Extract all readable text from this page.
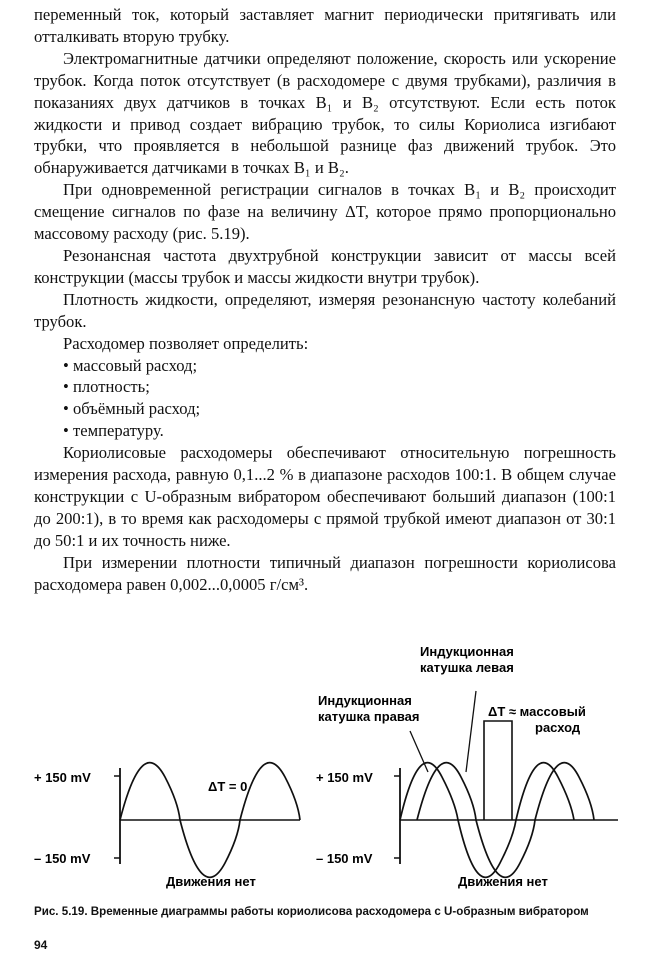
переменный ток, который заставляет магнит периодически притягивать или отталкивать вторую трубку.

Электромагнитные датчики определяют положение, скорость или ускорение трубок. Когда поток отсутствует (в расходомере с двумя трубками), различия в показаниях двух датчиков в точках B₁ и B₂ отсутствуют. Если есть поток жидкости и привод создает вибрацию трубок, то силы Кориолиса изгибают трубки, что проявляется в небольшой разнице фаз движений трубок. Это обнаруживается датчиками в точках B₁ и B₂.

При одновременной регистрации сигналов в точках B₁ и B₂ происходит смещение сигналов по фазе на величину ΔT, которое прямо пропорционально массовому расходу (рис. 5.19).

Резонансная частота двухтрубной конструкции зависит от массы всей конструкции (массы трубок и массы жидкости внутри трубок).

Плотность жидкости, определяют, измеряя резонансную частоту колебаний трубок.

Расходомер позволяет определить:

• массовый расход;
• плотность;
• объёмный расход;
• температуру.

Кориолисовые расходомеры обеспечивают относительную погрешность измерения расхода, равную 0,1...2 % в диапазоне расходов 100:1. В общем случае конструкции с U-образным вибратором обеспечивают больший диапазон (100:1 до 200:1), в то время как расходомеры с прямой трубкой имеют диапазон от 30:1 до 50:1 и их точность ниже.

При измерении плотности типичный диапазон погрешности кориолисова расходомера равен 0,002...0,0005 г/см³.

+ 150 mV
– 150 mV
ΔT = 0
Движения нет
+ 150 mV
– 150 mV
Индукционная
катушка левая
Индукционная
катушка правая	ΔT ≈ массовый
расход
Движения нет
Рис. 5.19. Временные диаграммы работы кориолисова расходомера с U-образным вибратором
94
